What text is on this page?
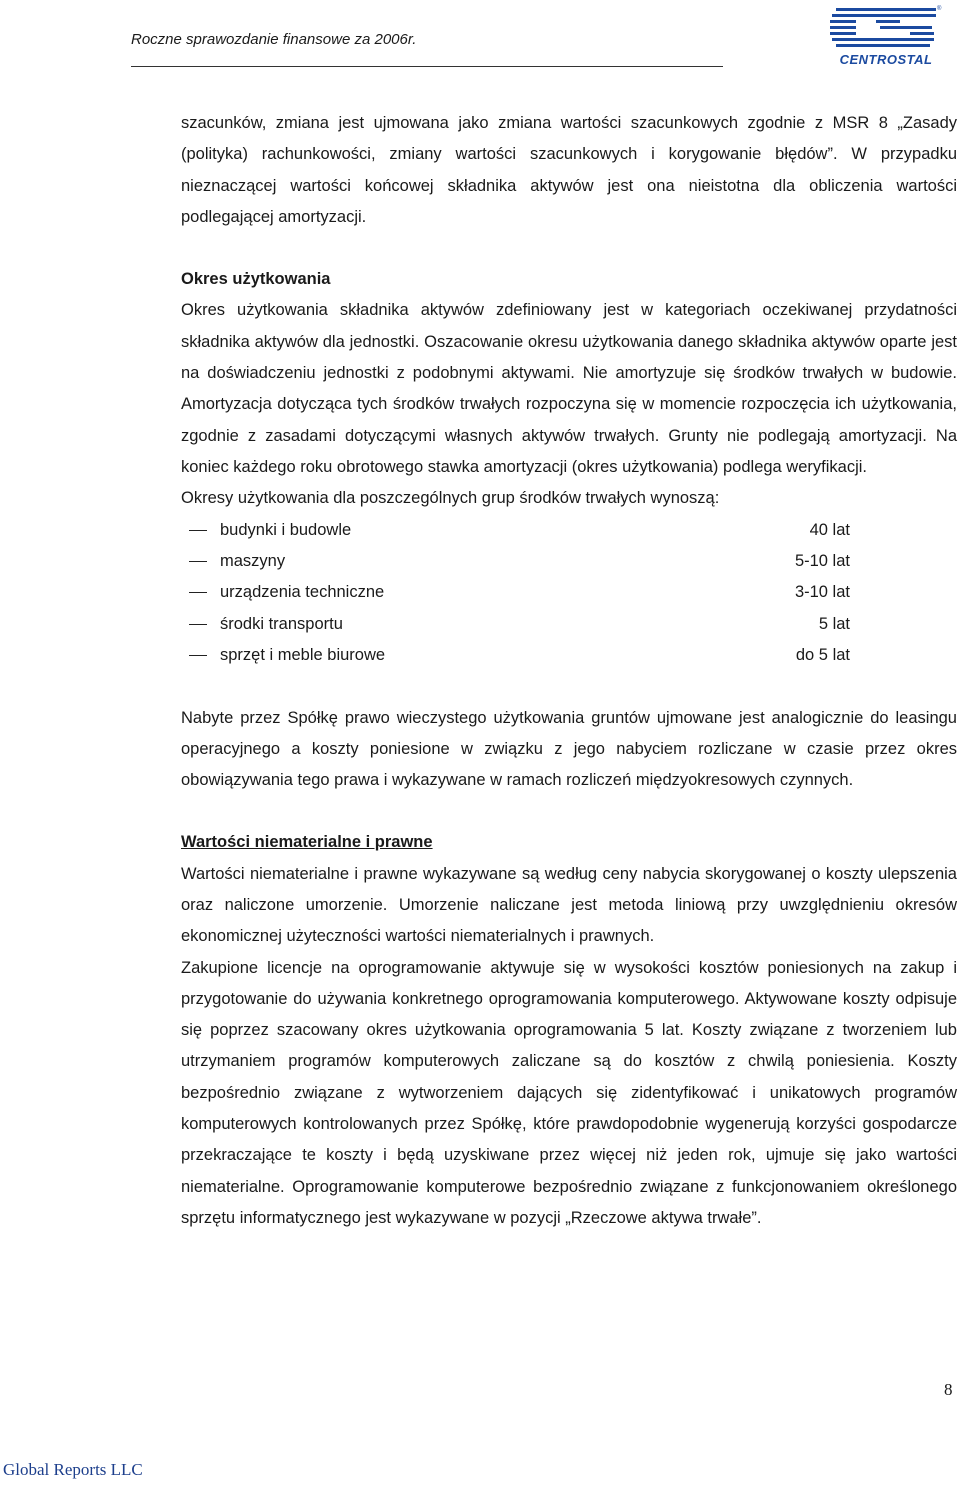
Roczne sprawozdanie finansowe za 2006r.
®
CENTROSTAL

szacunków, zmiana jest ujmowana jako zmiana wartości szacunkowych zgodnie z MSR 8 „Zasady (polityka) rachunkowości, zmiany wartości szacunkowych i korygowanie błędów”. W przypadku nieznaczącej wartości końcowej składnika aktywów jest ona nieistotna dla obliczenia wartości podlegającej amortyzacji.

Okres użytkowania

Okres użytkowania składnika aktywów zdefiniowany jest w kategoriach oczekiwanej przydatności składnika aktywów dla jednostki. Oszacowanie okresu użytkowania danego składnika aktywów oparte jest na doświadczeniu jednostki z podobnymi aktywami. Nie amortyzuje się środków trwałych w budowie. Amortyzacja dotycząca tych środków trwałych rozpoczyna się w momencie rozpoczęcia ich użytkowania, zgodnie z zasadami dotyczącymi własnych aktywów trwałych. Grunty nie podlegają amortyzacji. Na koniec każdego roku obrotowego stawka amortyzacji (okres użytkowania) podlega weryfikacji.

Okresy użytkowania dla poszczególnych grup środków trwałych wynoszą:

budynki i budowle	40 lat
maszyny	5-10 lat
urządzenia techniczne	3-10 lat
środki transportu	5 lat
sprzęt i meble biurowe	do 5 lat

Nabyte przez Spółkę prawo wieczystego użytkowania gruntów ujmowane jest analogicznie do leasingu operacyjnego a koszty poniesione w związku z jego nabyciem rozliczane w czasie przez okres obowiązywania tego prawa i wykazywane w ramach rozliczeń międzyokresowych czynnych.

Wartości niematerialne i prawne

Wartości niematerialne i prawne wykazywane są według ceny nabycia skorygowanej o koszty ulepszenia oraz naliczone umorzenie. Umorzenie naliczane jest metoda liniową przy uwzględnieniu okresów ekonomicznej użyteczności wartości niematerialnych i prawnych.

Zakupione licencje na oprogramowanie aktywuje się w wysokości kosztów poniesionych na zakup i przygotowanie do używania konkretnego oprogramowania komputerowego. Aktywowane koszty odpisuje się poprzez szacowany okres użytkowania oprogramowania 5 lat. Koszty związane z tworzeniem lub utrzymaniem programów komputerowych zaliczane są do kosztów z chwilą poniesienia. Koszty bezpośrednio związane z wytworzeniem dających się zidentyfikować i unikatowych programów komputerowych kontrolowanych przez Spółkę, które prawdopodobnie wygenerują korzyści gospodarcze przekraczające te koszty i będą uzyskiwane przez więcej niż jeden rok, ujmuje się jako wartości niematerialne. Oprogramowanie komputerowe bezpośrednio związane z funkcjonowaniem określonego sprzętu informatycznego jest wykazywane w pozycji „Rzeczowe aktywa trwałe”.

8
Global Reports LLC
